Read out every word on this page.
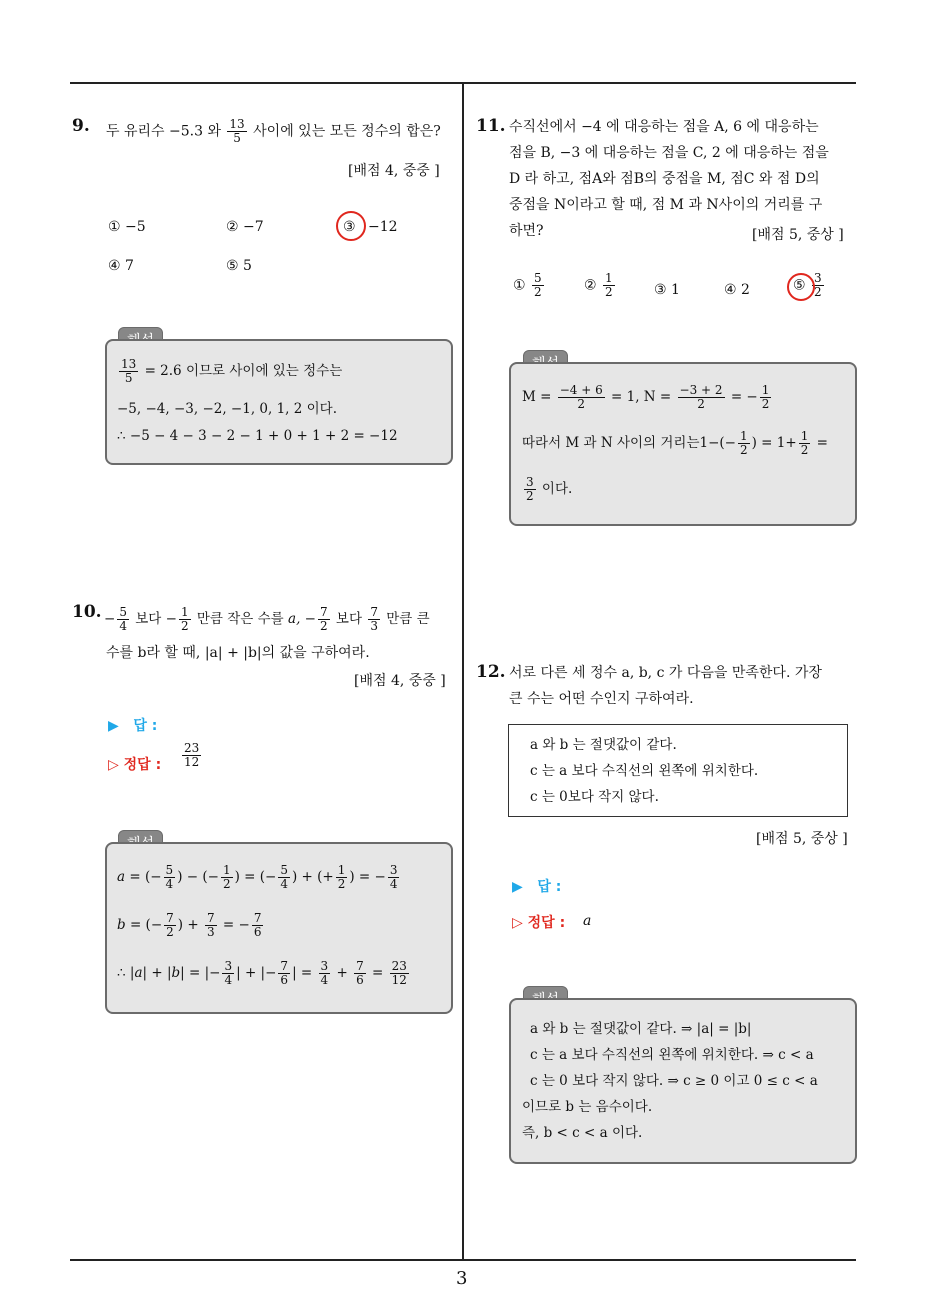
3
9. 두 유리수 −5.3 와 $\frac{13}{5}$ 사이에 있는 모든 정수의 합은?
[배점 4, 중중 ]
① −5	② −7	③ −12
④ 7	⑤ 5
$\frac{13}{5} = 2.6$ 이므로 사이에 있는 정수는
−5, −4, −3, −2, −1, 0, 1, 2 이다.
∴ −5 − 4 − 3 − 2 − 1 + 0 + 1 + 2 = −12
10. − $\frac{5}{4}$ 보다 − $\frac{1}{2}$ 만큼 작은 수를 a, − $\frac{7}{2}$ 보다 $\frac{7}{3}$ 만큼 큰
수를 b라 할 때, |a| + |b|의 값을 구하여라.
[배점 4, 중중 ]
▶ 답 :
▷ 정답 : $\frac{23}{12}$
a = (− $\frac{5}{4}$ ) − (− $\frac{1}{2}$ ) = (− $\frac{5}{4}$ ) + (+ $\frac{1}{2}$ ) = − $\frac{3}{4}$
b = (− $\frac{7}{2}$ ) + $\frac{7}{3}$ = − $\frac{7}{6}$
∴ |a| + |b| = |− $\frac{3}{4}$ | + |− $\frac{7}{6}$ | = $\frac{3}{4} + \frac{7}{6} = \frac{23}{12}$
11. 수직선에서 −4 에 대응하는 점을 A, 6 에 대응하는
점을 B, −3 에 대응하는 점을 C, 2 에 대응하는 점을
D 라 하고, 점A와 점B의 중점을 M, 점C 와 점 D의
중점을 N이라고 할 때, 점 M 과 N사이의 거리를 구
하면?	[배점 5, 중상 ]
① $\frac{5}{2}$	② $\frac{1}{2}$	③ 1	④ 2	⑤ $\frac{3}{2}$
$M = \frac{-4 + 6}{2} = 1$, $N = \frac{-3 + 2}{2}$ = − $\frac{1}{2}$
따라서 M 과 N 사이의 거리는$1-(- \frac{1}{2}$ ) = $1+ \frac{1}{2}$ =
$\frac{3}{2}$ 이다.
12. 서로 다른 세 정수 a, b, c 가 다음을 만족한다. 가장
큰 수는 어떤 수인지 구하여라.
a 와 b 는 절댓값이 같다.
c 는 a 보다 수직선의 왼쪽에 위치한다.
c 는 0보다 작지 않다.
[배점 5, 중상 ]
▶ 답 :
▷ 정답 : a
a 와 b 는 절댓값이 같다. ⇒ |a| = |b|
c 는 a 보다 수직선의 왼쪽에 위치한다. ⇒ c < a
c 는 0 보다 작지 않다. ⇒ c ≥ 0 이고 0 ≤ c < a
이므로 b 는 음수이다.
즉, b < c < a 이다.
